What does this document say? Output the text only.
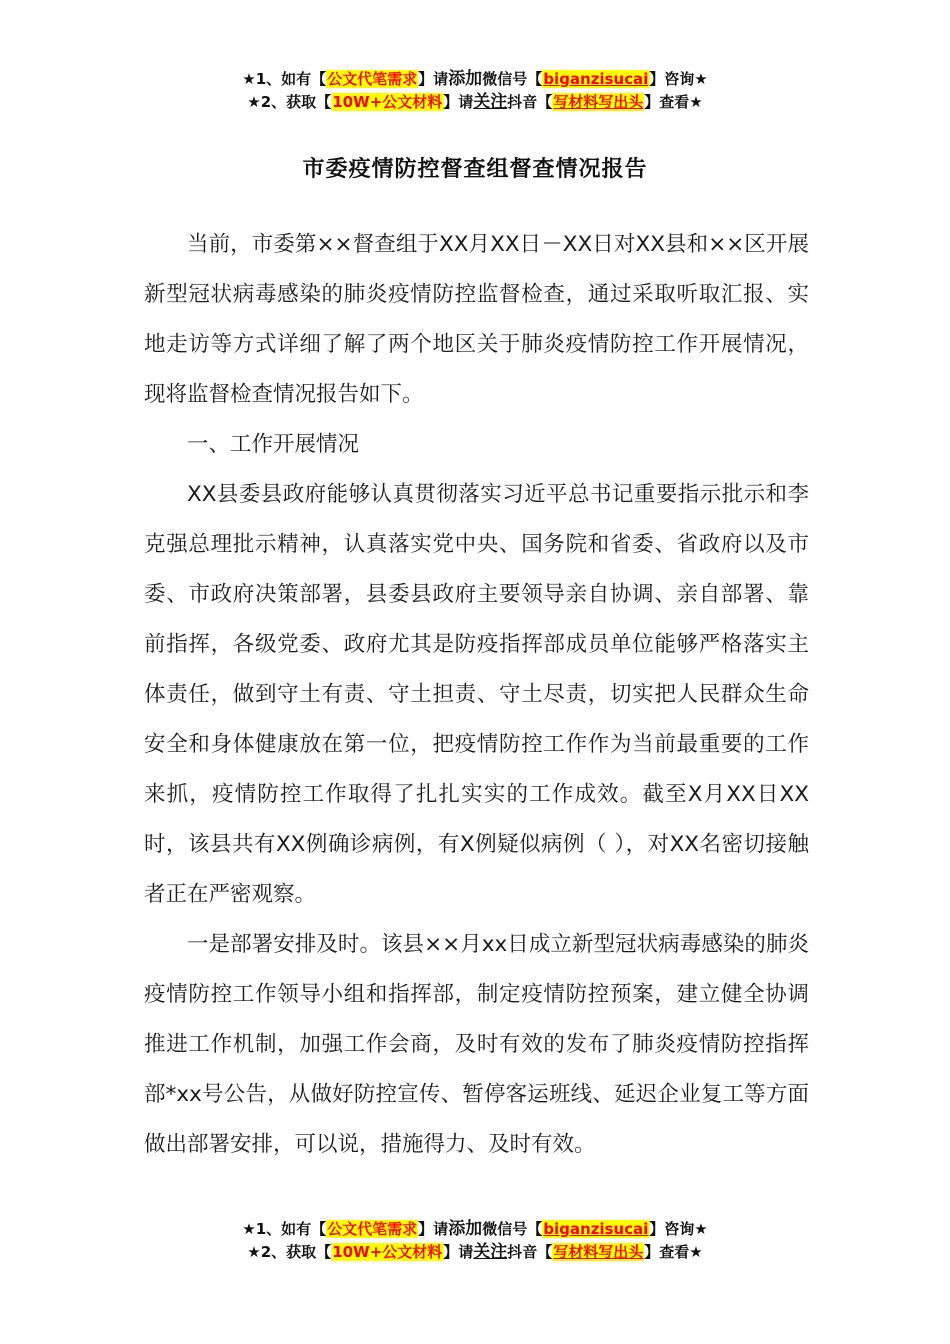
★1、如有【公文代笔需求】请添加微信号【biganzisucai】咨询★
★2、获取【10W+公文材料】请关注抖音【写材料写出头】查看★
市委疫情防控督查组督查情况报告

当前，市委第××督查组于XX月XX日－XX日对XX县和××区开展新型冠状病毒感染的肺炎疫情防控监督检查，通过采取听取汇报、实地走访等方式详细了解了两个地区关于肺炎疫情防控工作开展情况，现将监督检查情况报告如下。

一、工作开展情况

XX县委县政府能够认真贯彻落实习近平总书记重要指示批示和李克强总理批示精神，认真落实党中央、国务院和省委、省政府以及市委、市政府决策部署，县委县政府主要领导亲自协调、亲自部署、靠前指挥，各级党委、政府尤其是防疫指挥部成员单位能够严格落实主体责任，做到守土有责、守土担责、守土尽责，切实把人民群众生命安全和身体健康放在第一位，把疫情防控工作作为当前最重要的工作来抓，疫情防控工作取得了扎扎实实的工作成效。截至X月XX日XX时，该县共有XX例确诊病例，有X例疑似病例（ ），对XX名密切接触者正在严密观察。

一是部署安排及时。该县××月xx日成立新型冠状病毒感染的肺炎疫情防控工作领导小组和指挥部，制定疫情防控预案，建立健全协调推进工作机制，加强工作会商，及时有效的发布了肺炎疫情防控指挥部*xx号公告，从做好防控宣传、暂停客运班线、延迟企业复工等方面做出部署安排，可以说，措施得力、及时有效。

★1、如有【公文代笔需求】请添加微信号【biganzisucai】咨询★
★2、获取【10W+公文材料】请关注抖音【写材料写出头】查看★
